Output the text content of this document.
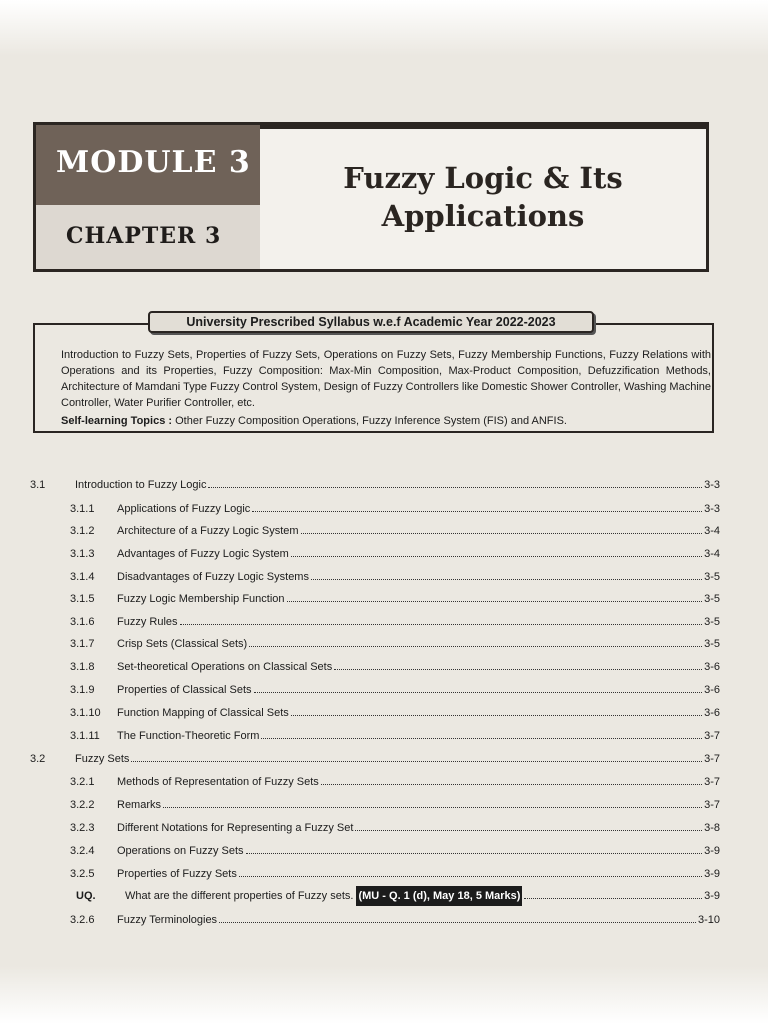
MODULE 3
CHAPTER 3
Fuzzy Logic & Its
Applications
Introduction to Fuzzy Sets, Properties of Fuzzy Sets, Operations on Fuzzy Sets, Fuzzy Membership Functions, Fuzzy Relations with Operations and its Properties, Fuzzy Composition: Max-Min Composition, Max-Product Composition, Defuzzification Methods, Architecture of Mamdani Type Fuzzy Control System, Design of Fuzzy Controllers like Domestic Shower Controller, Washing Machine Controller, Water Purifier Controller, etc.
Self-learning Topics : Other Fuzzy Composition Operations, Fuzzy Inference System (FIS) and ANFIS.
University Prescribed Syllabus w.e.f Academic Year 2022-2023
3.1	Introduction to Fuzzy Logic	3-3
3.1.1	Applications of Fuzzy Logic	3-3
3.1.2	Architecture of a Fuzzy Logic System	3-4
3.1.3	Advantages of Fuzzy Logic System	3-4
3.1.4	Disadvantages of Fuzzy Logic Systems	3-5
3.1.5	Fuzzy Logic Membership Function	3-5
3.1.6	Fuzzy Rules	3-5
3.1.7	Crisp Sets (Classical Sets)	3-5
3.1.8	Set-theoretical Operations on Classical Sets	3-6
3.1.9	Properties of Classical Sets	3-6
3.1.10	Function Mapping of Classical Sets	3-6
3.1.11	The Function-Theoretic Form	3-7
3.2	Fuzzy Sets	3-7
3.2.1	Methods of Representation of Fuzzy Sets	3-7
3.2.2	Remarks	3-7
3.2.3	Different Notations for Representing a Fuzzy Set	3-8
3.2.4	Operations on Fuzzy Sets	3-9
3.2.5	Properties of Fuzzy Sets	3-9
UQ.	What are the different properties of Fuzzy sets. (MU - Q. 1 (d), May 18, 5 Marks)	3-9
3.2.6	Fuzzy Terminologies	3-10
